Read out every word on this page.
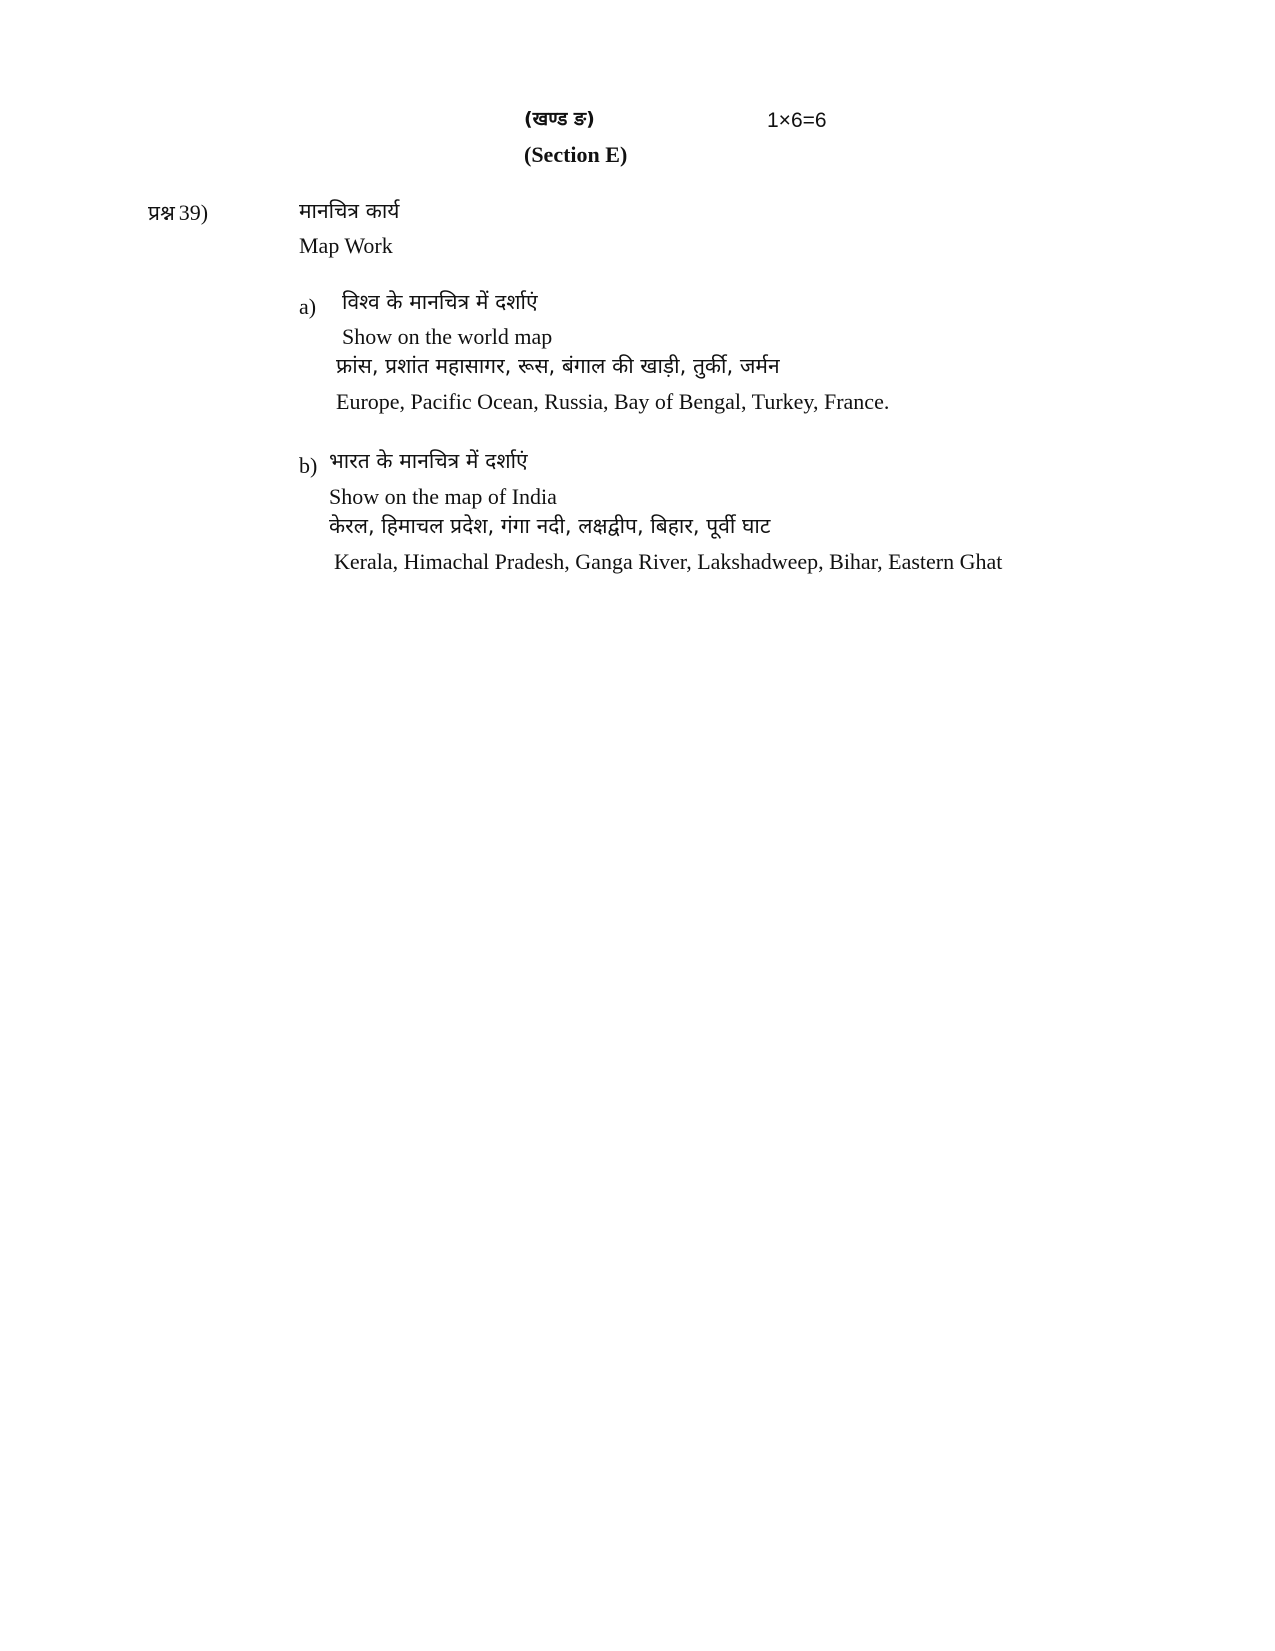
(खण्ड ङ)	1×6=6
(Section E)
प्रश्न 39)	मानचित्र कार्य
Map Work
a) विश्व के मानचित्र में दर्शाएं
Show on the world map
फ्रांस, प्रशांत महासागर, रूस, बंगाल की खाड़ी, तुर्की, जर्मन
Europe, Pacific Ocean, Russia, Bay of Bengal, Turkey, France.
b) भारत के मानचित्र में दर्शाएं
Show on the map of India
केरल, हिमाचल प्रदेश, गंगा नदी, लक्षद्वीप, बिहार, पूर्वी घाट
Kerala, Himachal Pradesh, Ganga River, Lakshadweep, Bihar, Eastern Ghat
